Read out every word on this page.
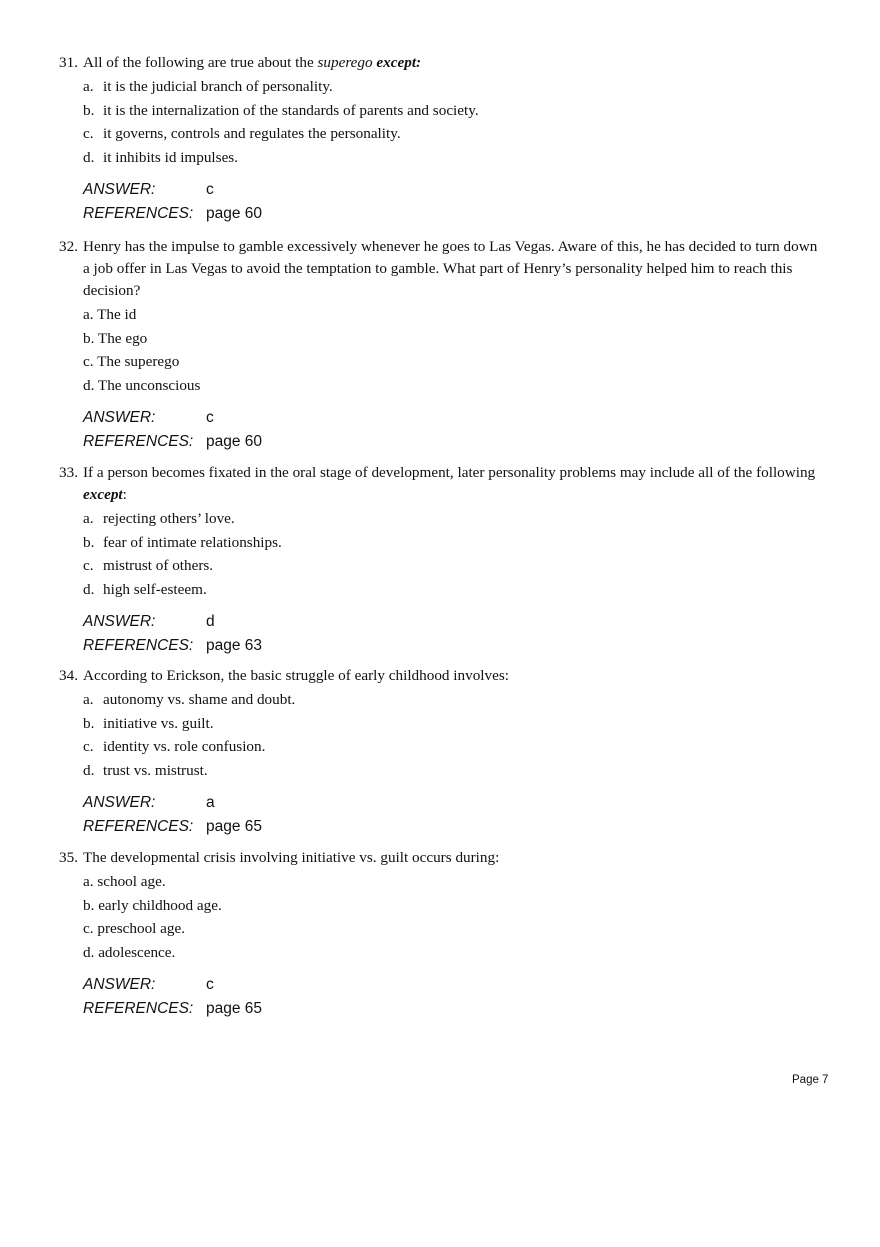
31. All of the following are true about the superego except:
a. it is the judicial branch of personality.
b. it is the internalization of the standards of parents and society.
c. it governs, controls and regulates the personality.
d. it inhibits id impulses.
ANSWER:	c
REFERENCES: page 60
32. Henry has the impulse to gamble excessively whenever he goes to Las Vegas. Aware of this, he has decided to turn down a job offer in Las Vegas to avoid the temptation to gamble. What part of Henry’s personality helped him to reach this decision?
a. The id
b. The ego
c. The superego
d. The unconscious
ANSWER:	c
REFERENCES: page 60
33. If a person becomes fixated in the oral stage of development, later personality problems may include all of the following except:
a. rejecting others’ love.
b. fear of intimate relationships.
c. mistrust of others.
d. high self-esteem.
ANSWER:	d
REFERENCES: page 63
34. According to Erickson, the basic struggle of early childhood involves:
a. autonomy vs. shame and doubt.
b. initiative vs. guilt.
c. identity vs. role confusion.
d. trust vs. mistrust.
ANSWER:	a
REFERENCES: page 65
35. The developmental crisis involving initiative vs. guilt occurs during:
a. school age.
b. early childhood age.
c. preschool age.
d. adolescence.
ANSWER:	c
REFERENCES: page 65
Page 7
